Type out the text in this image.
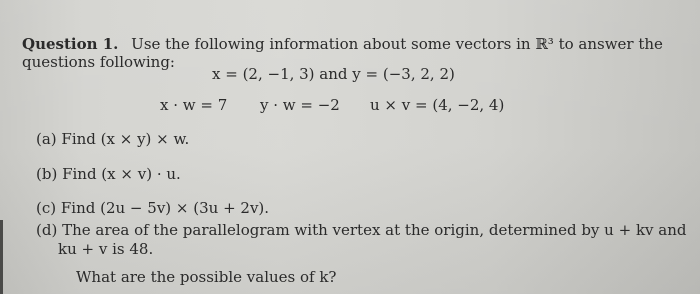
Question 1. Use the following information about some vectors in ℝ³ to answer the
questions following:
x = (2, −1, 3) and y = (−3, 2, 2)
x · w = 7 y · w = −2 u × v = (4, −2, 4)
(a) Find (x × y) × w.
(b) Find (x × v) · u.
(c) Find (2u − 5v) × (3u + 2v).
(d) The area of the parallelogram with vertex at the origin, determined by u + kv and
ku + v is 48.
What are the possible values of k?
